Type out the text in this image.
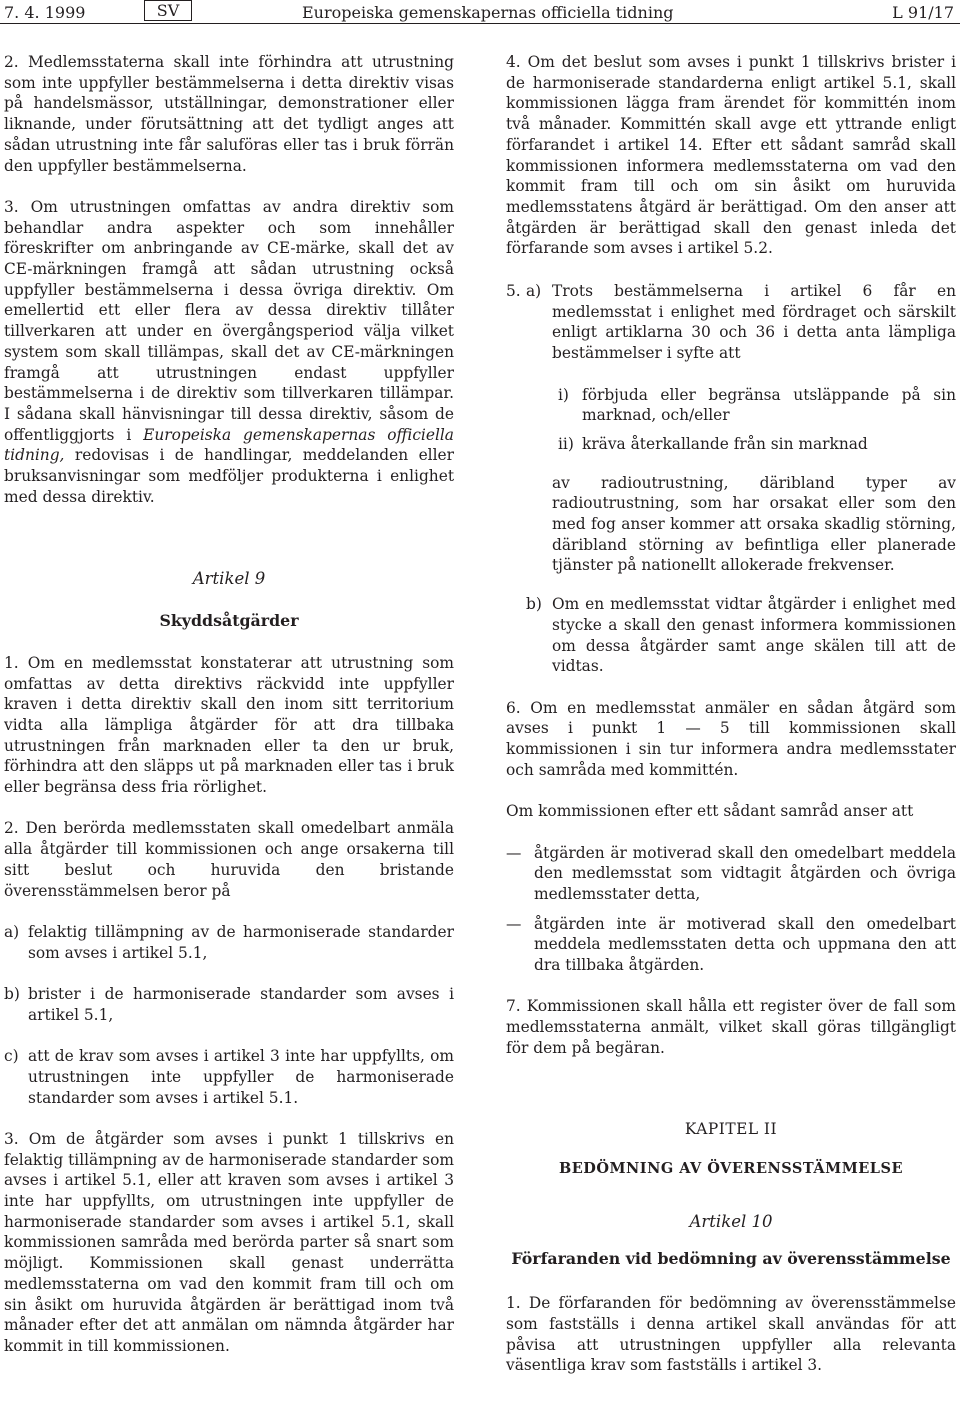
7. 4. 1999	SV	Europeiska gemenskapernas officiella tidning	L 91/17

2. Medlemsstaterna skall inte förhindra att utrustning som inte uppfyller bestämmelserna i detta direktiv visas på handelsmässor, utställningar, demonstrationer eller liknande, under förutsättning att det tydligt anges att sådan utrustning inte får saluföras eller tas i bruk förrän den uppfyller bestämmelserna.

3. Om utrustningen omfattas av andra direktiv som behandlar andra aspekter och som innehåller föreskrifter om anbringande av CE-märke, skall det av CE-märkningen framgå att sådan utrustning också uppfyller bestämmelserna i dessa övriga direktiv. Om emellertid ett eller flera av dessa direktiv tillåter tillverkaren att under en övergångsperiod välja vilket system som skall tillämpas, skall det av CE-märkningen framgå att utrustningen endast uppfyller bestämmelserna i de direktiv som tillverkaren tillämpar. I sådana skall hänvisningar till dessa direktiv, såsom de offentliggjorts i Europeiska gemenskapernas officiella tidning, redovisas i de handlingar, meddelanden eller bruksanvisningar som medföljer produkterna i enlighet med dessa direktiv.

Artikel 9

Skyddsåtgärder

1. Om en medlemsstat konstaterar att utrustning som omfattas av detta direktivs räckvidd inte uppfyller kraven i detta direktiv skall den inom sitt territorium vidta alla lämpliga åtgärder för att dra tillbaka utrustningen från marknaden eller ta den ur bruk, förhindra att den släpps ut på marknaden eller tas i bruk eller begränsa dess fria rörlighet.

2. Den berörda medlemsstaten skall omedelbart anmäla alla åtgärder till kommissionen och ange orsakerna till sitt beslut och huruvida den bristande överensstämmelsen beror på

a) felaktig tillämpning av de harmoniserade standarder som avses i artikel 5.1,
b) brister i de harmoniserade standarder som avses i artikel 5.1,
c) att de krav som avses i artikel 3 inte har uppfyllts, om utrustningen inte uppfyller de harmoniserade standarder som avses i artikel 5.1.

3. Om de åtgärder som avses i punkt 1 tillskrivs en felaktig tillämpning av de harmoniserade standarder som avses i artikel 5.1, eller att kraven som avses i artikel 3 inte har uppfyllts, om utrustningen inte uppfyller de harmoniserade standarder som avses i artikel 5.1, skall kommissionen samråda med berörda parter så snart som möjligt. Kommissionen skall genast underrätta medlemsstaterna om vad den kommit fram till och om sin åsikt om huruvida åtgärden är berättigad inom två månader efter det att anmälan om nämnda åtgärder har kommit in till kommissionen.

4. Om det beslut som avses i punkt 1 tillskrivs brister i de harmoniserade standarderna enligt artikel 5.1, skall kommissionen lägga fram ärendet för kommittén inom två månader. Kommittén skall avge ett yttrande enligt förfarandet i artikel 14. Efter ett sådant samråd skall kommissionen informera medlemsstaterna om vad den kommit fram till och om sin åsikt om huruvida medlemsstatens åtgärd är berättigad. Om den anser att åtgärden är berättigad skall den genast inleda det förfarande som avses i artikel 5.2.

5. a) Trots bestämmelserna i artikel 6 får en medlemsstat i enlighet med fördraget och särskilt enligt artiklarna 30 och 36 i detta anta lämpliga bestämmelser i syfte att
i) förbjuda eller begränsa utsläppande på sin marknad, och/eller
ii) kräva återkallande från sin marknad

av radioutrustning, däribland typer av radioutrustning, som har orsakat eller som den med fog anser kommer att orsaka skadlig störning, däribland störning av befintliga eller planerade tjänster på nationellt allokerade frekvenser.

b) Om en medlemsstat vidtar åtgärder i enlighet med stycke a skall den genast informera kommissionen om dessa åtgärder samt ange skälen till att de vidtas.

6. Om en medlemsstat anmäler en sådan åtgärd som avses i punkt 1 — 5 till kommissionen skall kommissionen i sin tur informera andra medlemsstater och samråda med kommittén.

Om kommissionen efter ett sådant samråd anser att

— åtgärden är motiverad skall den omedelbart meddela den medlemsstat som vidtagit åtgärden och övriga medlemsstater detta,
— åtgärden inte är motiverad skall den omedelbart meddela medlemsstaten detta och uppmana den att dra tillbaka åtgärden.

7. Kommissionen skall hålla ett register över de fall som medlemsstaterna anmält, vilket skall göras tillgängligt för dem på begäran.

KAPITEL II

BEDÖMNING AV ÖVERENSSTÄMMELSE

Artikel 10

Förfaranden vid bedömning av överensstämmelse

1. De förfaranden för bedömning av överensstämmelse som fastställs i denna artikel skall användas för att påvisa att utrustningen uppfyller alla relevanta väsentliga krav som fastställs i artikel 3.
